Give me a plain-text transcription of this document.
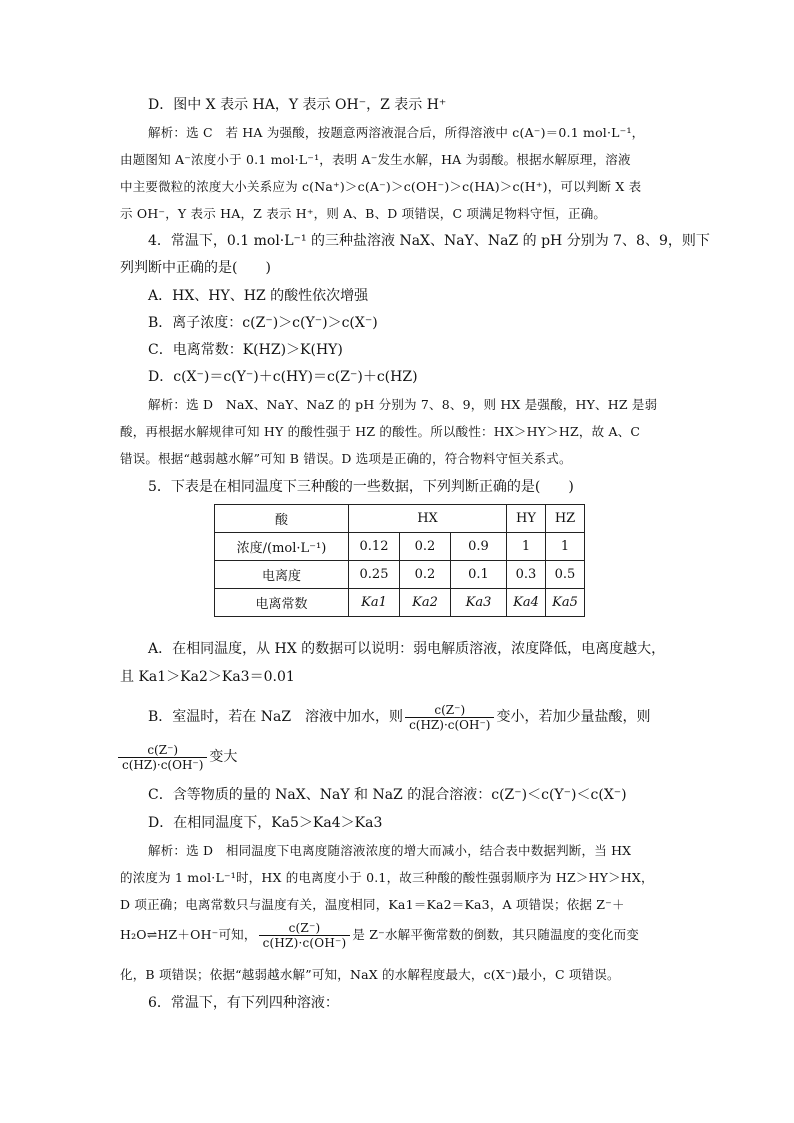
D．图中 X 表示 HA，Y 表示 OH⁻，Z 表示 H⁺
解析：选 C　若 HA 为强酸，按题意两溶液混合后，所得溶液中 c(A⁻)＝0.1 mol·L⁻¹，
由题图知 A⁻浓度小于 0.1 mol·L⁻¹，表明 A⁻发生水解，HA 为弱酸。根据水解原理，溶液
中主要微粒的浓度大小关系应为 c(Na⁺)＞c(A⁻)＞c(OH⁻)＞c(HA)＞c(H⁺)，可以判断 X 表
示 OH⁻，Y 表示 HA，Z 表示 H⁺，则 A、B、D 项错误，C 项满足物料守恒，正确。
4．常温下，0.1 mol·L⁻¹ 的三种盐溶液 NaX、NaY、NaZ 的 pH 分别为 7、8、9，则下
列判断中正确的是(　　)
A．HX、HY、HZ 的酸性依次增强
B．离子浓度：c(Z⁻)＞c(Y⁻)＞c(X⁻)
C．电离常数：K(HZ)＞K(HY)
D．c(X⁻)＝c(Y⁻)＋c(HY)＝c(Z⁻)＋c(HZ)
解析：选 D　NaX、NaY、NaZ 的 pH 分别为 7、8、9，则 HX 是强酸，HY、HZ 是弱
酸，再根据水解规律可知 HY 的酸性强于 HZ 的酸性。所以酸性：HX＞HY＞HZ，故 A、C
错误。根据“越弱越水解”可知 B 错误。D 选项是正确的，符合物料守恒关系式。
5．下表是在相同温度下三种酸的一些数据，下列判断正确的是(　　)
酸	HX			HY	HZ
浓度/(mol·L⁻¹)	0.12	0.2	0.9	1	1
电离度	0.25	0.2	0.1	0.3	0.5
电离常数	Ka1	Ka2	Ka3	Ka4	Ka5
A．在相同温度，从 HX 的数据可以说明：弱电解质溶液，浓度降低，电离度越大，
且 Ka1＞Ka2＞Ka3＝0.01
B．室温时，若在 NaZ　溶液中加水，则 $\frac{c(Z^-)}{c(HZ)\cdot c(OH^-)}$ 变小，若加少量盐酸，则
$\frac{c(Z^-)}{c(HZ)\cdot c(OH^-)}$ 变大
C．含等物质的量的 NaX、NaY 和 NaZ 的混合溶液：c(Z⁻)＜c(Y⁻)＜c(X⁻)
D．在相同温度下，Ka5＞Ka4＞Ka3
解析：选 D　相同温度下电离度随溶液浓度的增大而减小，结合表中数据判断，当 HX
的浓度为 1 mol·L⁻¹时，HX 的电离度小于 0.1，故三种酸的酸性强弱顺序为 HZ＞HY＞HX，
D 项正确；电离常数只与温度有关，温度相同，Ka1＝Ka2＝Ka3，A 项错误；依据 Z⁻＋
H₂O⇌HZ＋OH⁻可知， $\frac{c(Z^-)}{c(HZ)\cdot c(OH^-)}$ 是 Z⁻水解平衡常数的倒数，其只随温度的变化而变
化，B 项错误；依据“越弱越水解”可知，NaX 的水解程度最大，c(X⁻)最小，C 项错误。
6．常温下，有下列四种溶液：
